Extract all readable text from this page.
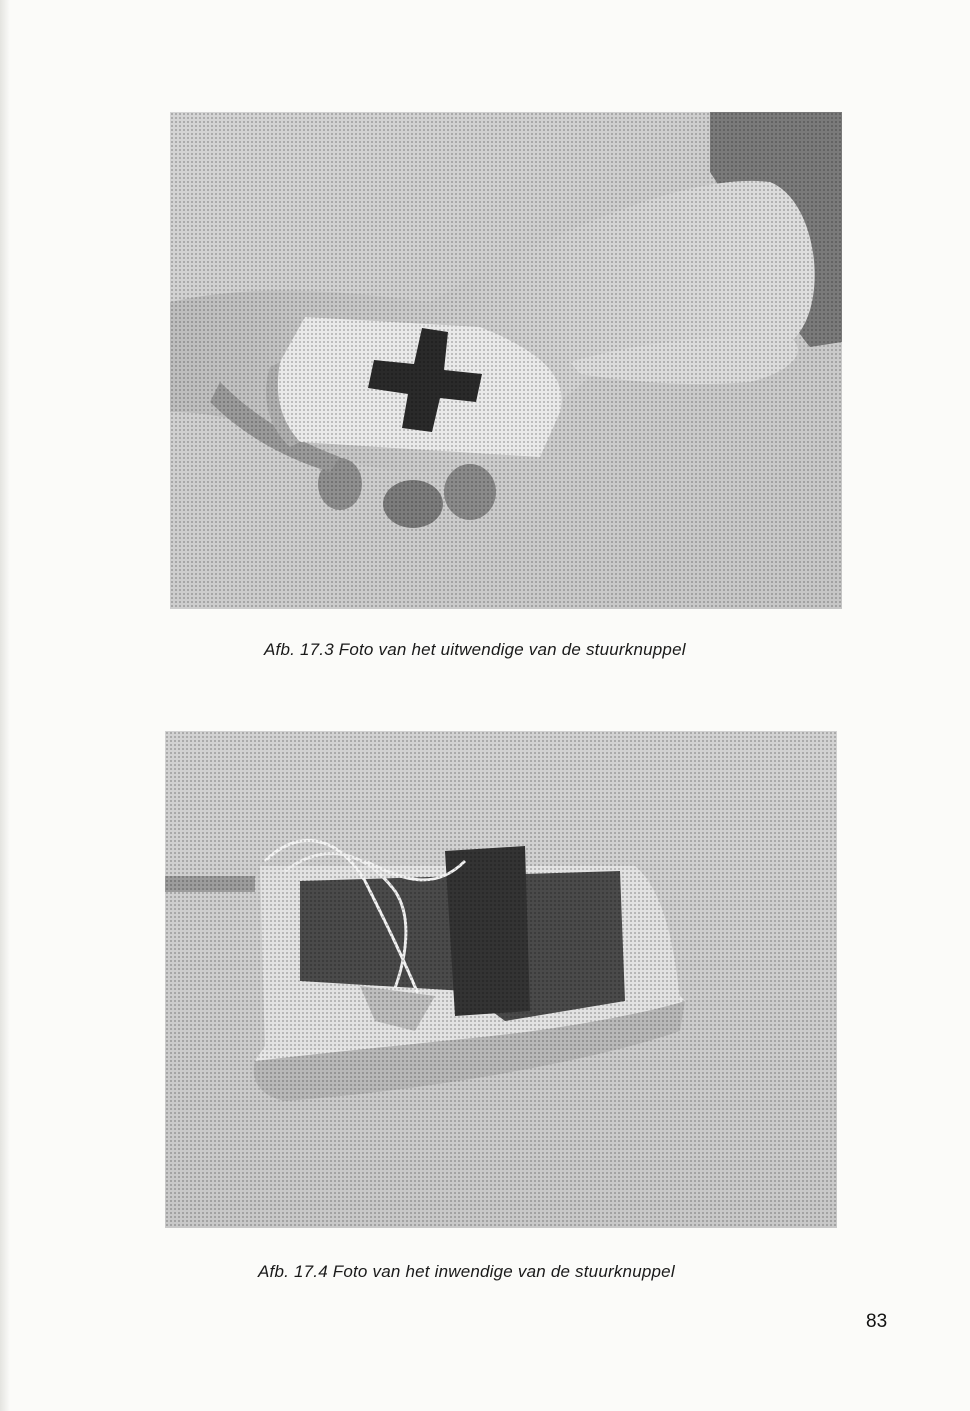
Afb. 17.3 Foto van het uitwendige van de stuurknuppel
Afb. 17.4 Foto van het inwendige van de stuurknuppel
83
